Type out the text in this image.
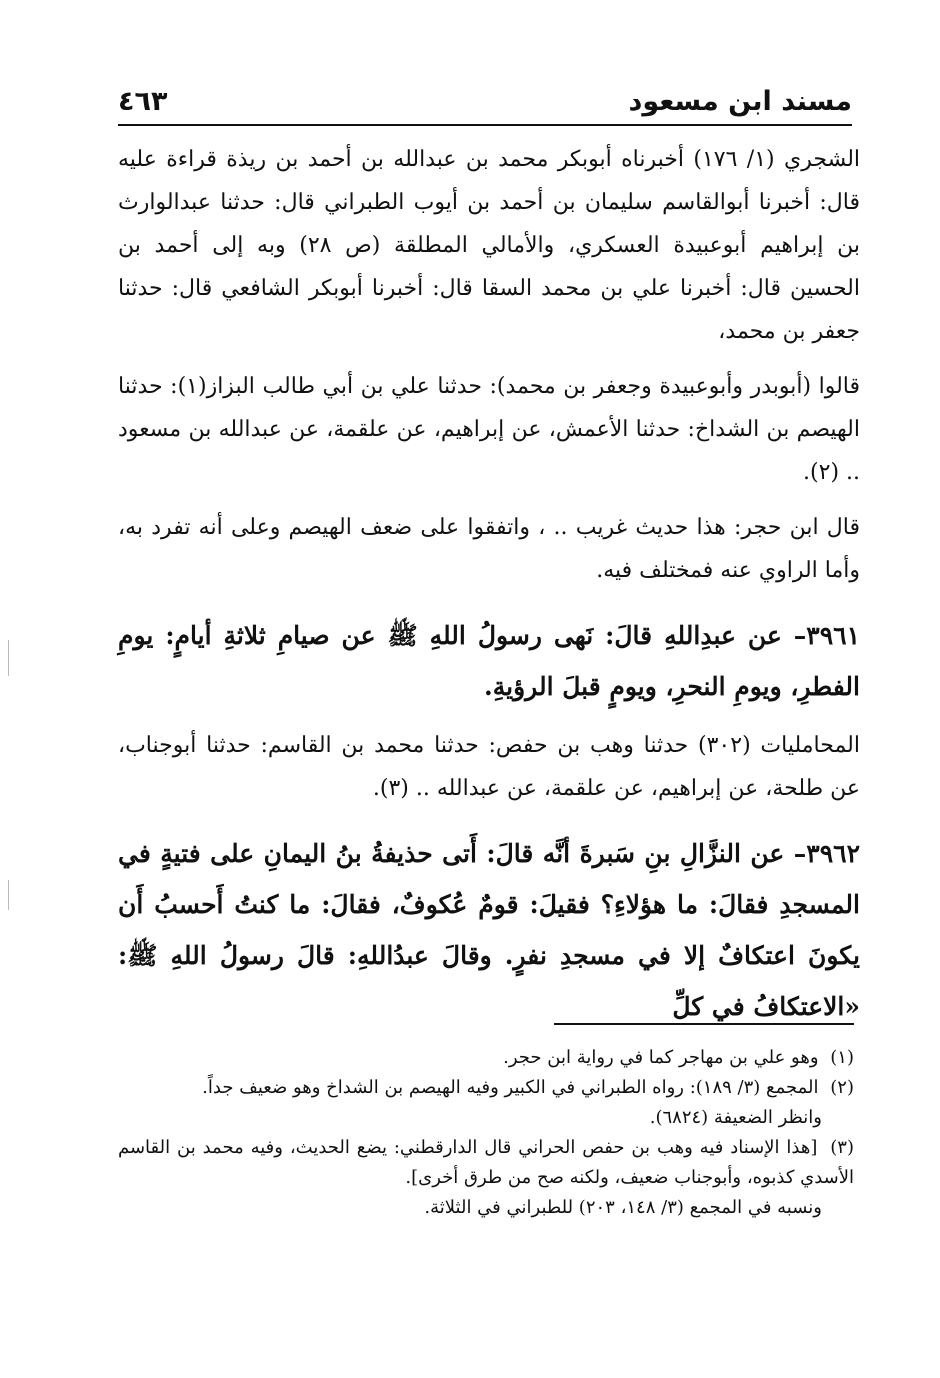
مسند ابن مسعود
٤٦٣

الشجري (١/ ١٧٦) أخبرناه أبوبكر محمد بن عبدالله بن أحمد بن ريذة قراءة عليه قال: أخبرنا أبوالقاسم سليمان بن أحمد بن أيوب الطبراني قال: حدثنا عبدالوارث بن إبراهيم أبوعبيدة العسكري، والأمالي المطلقة (ص ٢٨) وبه إلى أحمد بن الحسين قال: أخبرنا علي بن محمد السقا قال: أخبرنا أبوبكر الشافعي قال: حدثنا جعفر بن محمد،

قالوا (أبوبدر وأبوعبيدة وجعفر بن محمد): حدثنا علي بن أبي طالب البزاز(١): حدثنا الهيصم بن الشداخ: حدثنا الأعمش، عن إبراهيم، عن علقمة، عن عبدالله بن مسعود .. (٢).

قال ابن حجر: هذا حديث غريب .. ، واتفقوا على ضعف الهيصم وعلى أنه تفرد به، وأما الراوي عنه فمختلف فيه.

٣٩٦١– عن عبدِاللهِ قالَ: نَهى رسولُ اللهِ ﷺ عن صيامِ ثلاثةِ أيامٍ: يومِ الفطرِ، ويومِ النحرِ، ويومٍ قبلَ الرؤيةِ.

المحامليات (٣٠٢) حدثنا وهب بن حفص: حدثنا محمد بن القاسم: حدثنا أبوجناب، عن طلحة، عن إبراهيم، عن علقمة، عن عبدالله .. (٣).

٣٩٦٢– عن النزَّالِ بنِ سَبرةَ أنَّه قالَ: أَتى حذيفةُ بنُ اليمانِ على فتيةٍ في المسجدِ فقالَ: ما هؤلاءِ؟ فقيلَ: قومٌ عُكوفٌ، فقالَ: ما كنتُ أَحسبُ أَن يكونَ اعتكافٌ إلا في مسجدِ نفرٍ. وقالَ عبدُاللهِ: قالَ رسولُ اللهِ ﷺ: «الاعتكافُ في كلِّ

(١) وهو علي بن مهاجر كما في رواية ابن حجر.

(٢) المجمع (٣/ ١٨٩): رواه الطبراني في الكبير وفيه الهيصم بن الشداخ وهو ضعيف جداً.

وانظر الضعيفة (٦٨٢٤).

(٣) [هذا الإسناد فيه وهب بن حفص الحراني قال الدارقطني: يضع الحديث، وفيه محمد بن القاسم الأسدي كذبوه، وأبوجناب ضعيف، ولكنه صح من طرق أخرى].

ونسبه في المجمع (٣/ ١٤٨، ٢٠٣) للطبراني في الثلاثة.
